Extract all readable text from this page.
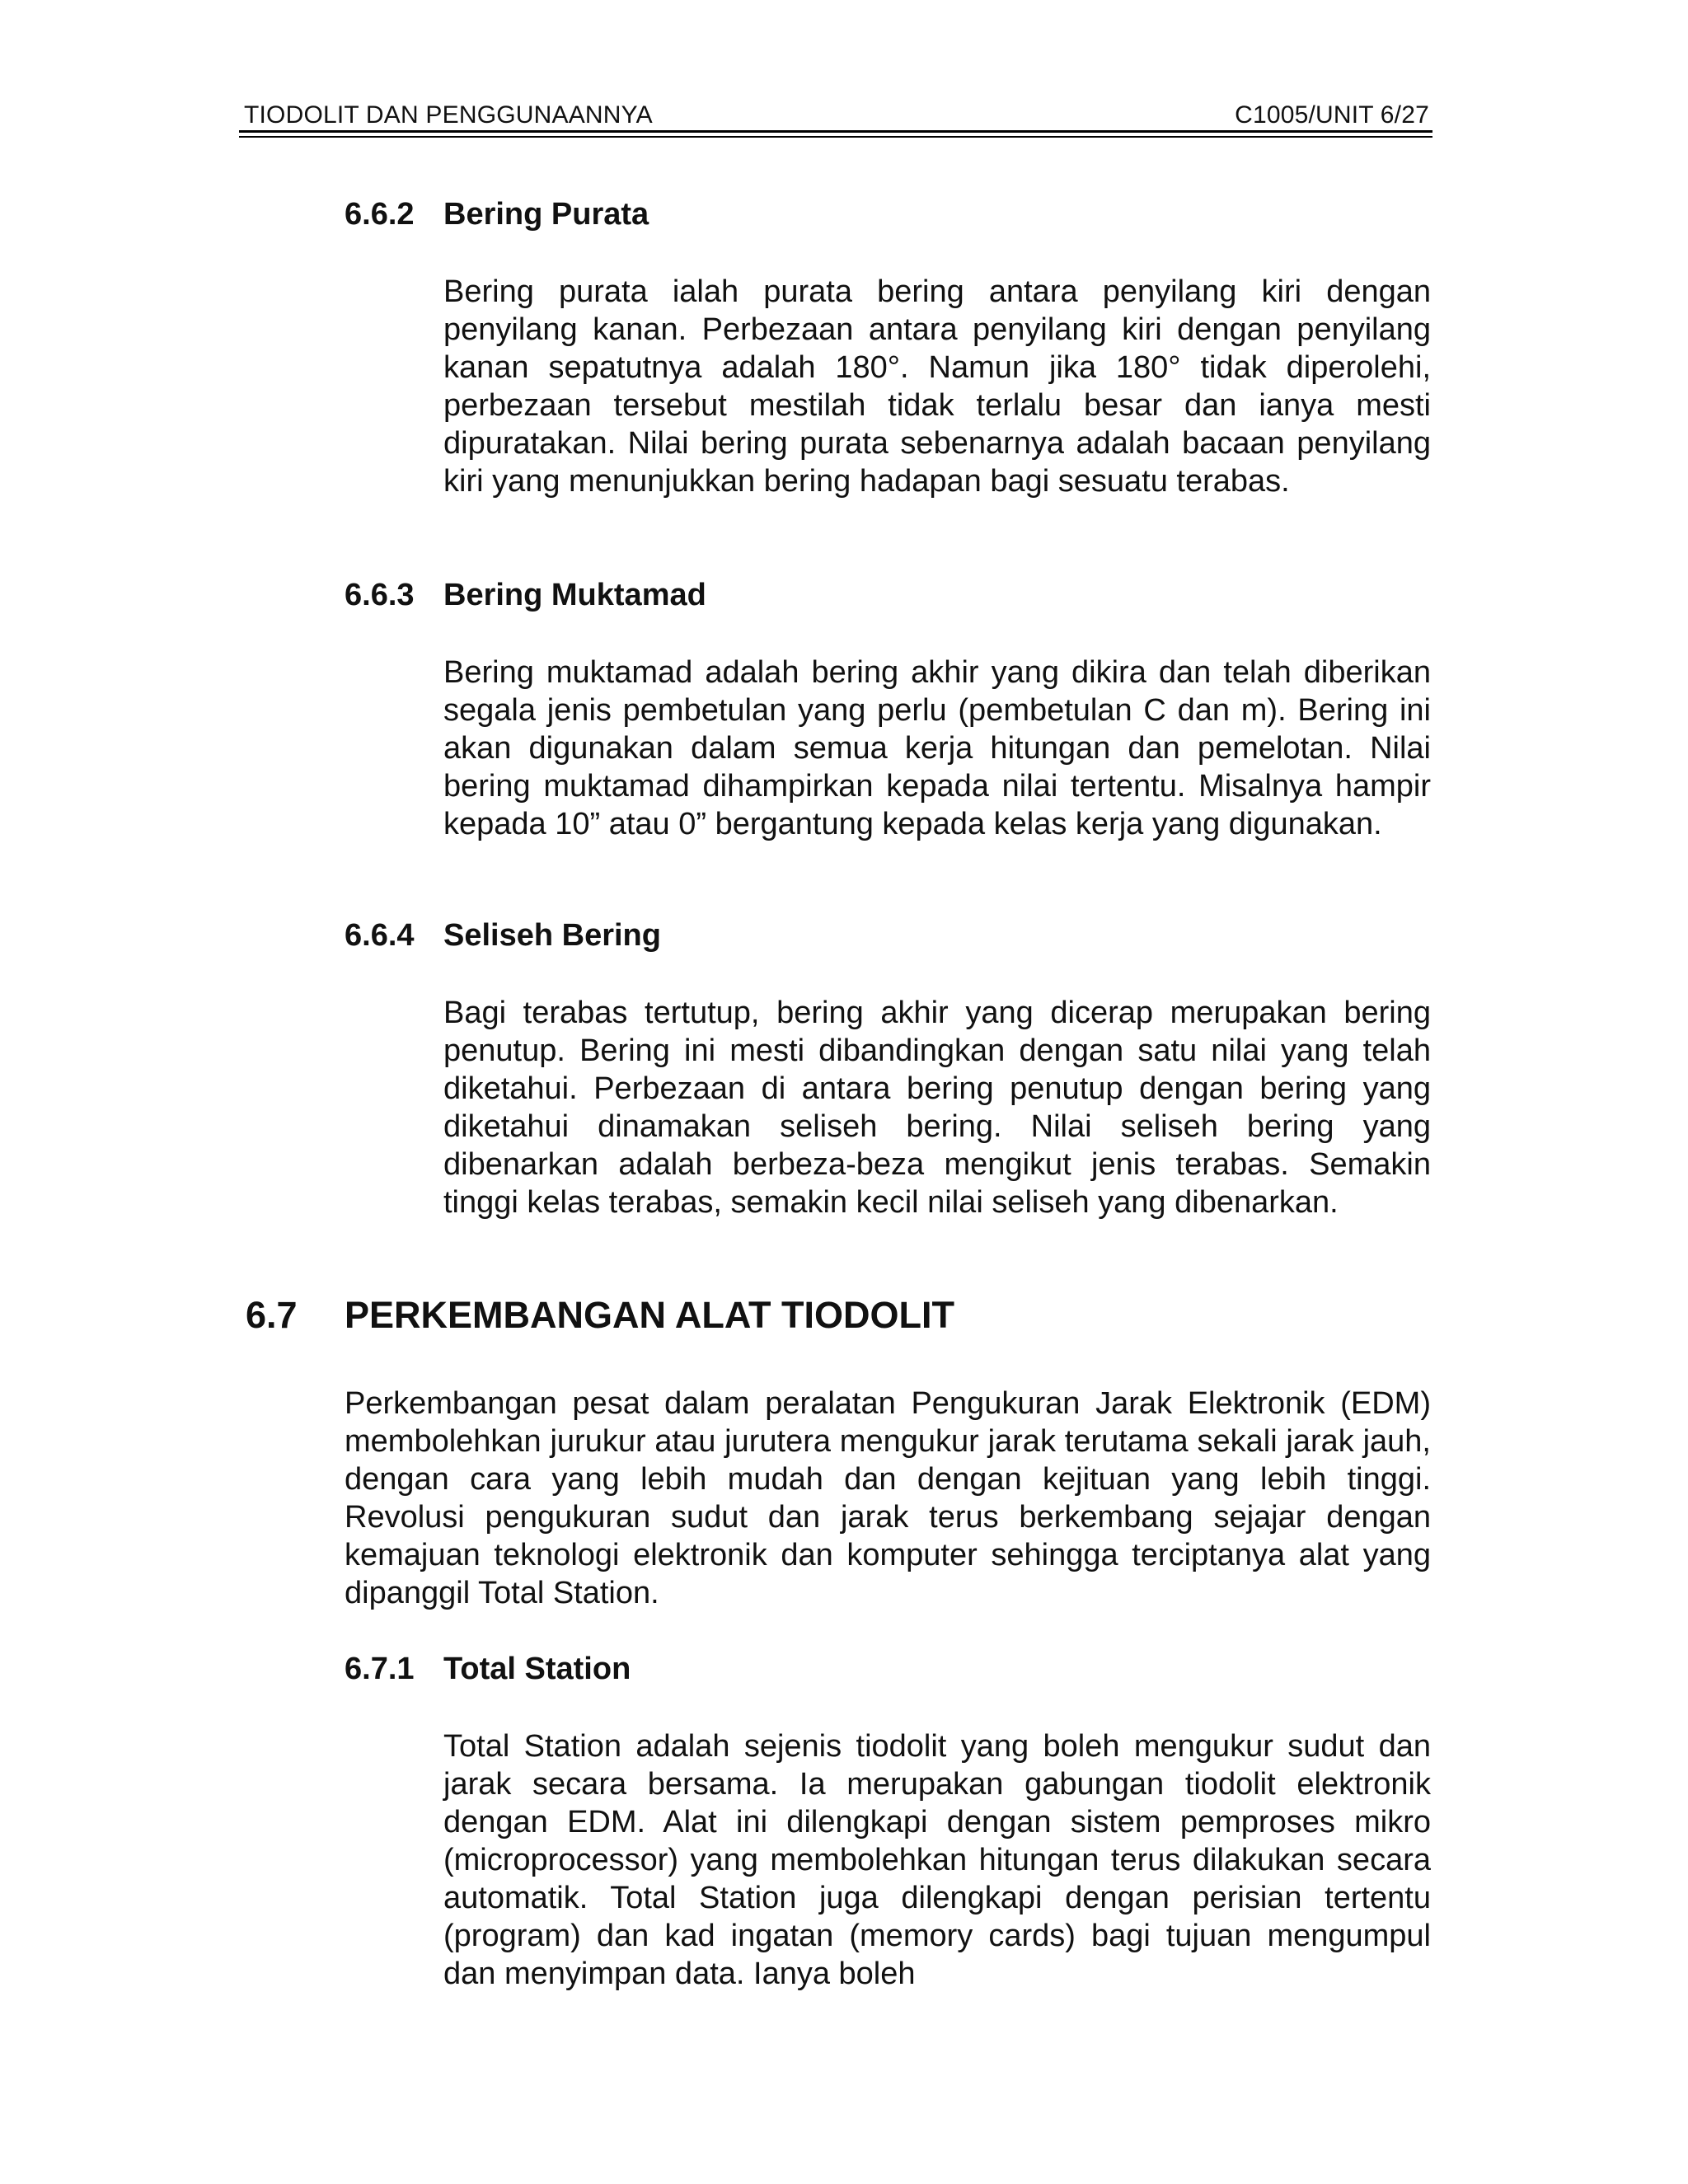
TIODOLIT DAN PENGGUNAANNYA	C1005/UNIT 6/27
6.6.2 Bering Purata
Bering purata ialah purata bering antara penyilang kiri dengan penyilang kanan. Perbezaan antara penyilang kiri dengan penyilang kanan sepatutnya adalah 180°. Namun jika 180° tidak diperolehi, perbezaan tersebut mestilah tidak terlalu besar dan ianya mesti dipuratakan. Nilai bering purata sebenarnya adalah bacaan penyilang kiri yang menunjukkan bering hadapan bagi sesuatu terabas.
6.6.3 Bering Muktamad
Bering muktamad adalah bering akhir yang dikira dan telah diberikan segala jenis pembetulan yang perlu (pembetulan C dan m). Bering ini akan digunakan dalam semua kerja hitungan dan pemelotan. Nilai bering muktamad dihampirkan kepada nilai tertentu. Misalnya hampir kepada 10” atau 0” bergantung kepada kelas kerja yang digunakan.
6.6.4 Seliseh Bering
Bagi terabas tertutup, bering akhir yang dicerap merupakan bering penutup. Bering ini mesti dibandingkan dengan satu nilai yang telah diketahui. Perbezaan di antara bering penutup dengan bering yang diketahui dinamakan seliseh bering. Nilai seliseh bering yang dibenarkan adalah berbeza-beza mengikut jenis terabas. Semakin tinggi kelas terabas, semakin kecil nilai seliseh yang dibenarkan.
6.7 PERKEMBANGAN ALAT TIODOLIT
Perkembangan pesat dalam peralatan Pengukuran Jarak Elektronik (EDM) membolehkan jurukur atau jurutera mengukur jarak terutama sekali jarak jauh, dengan cara yang lebih mudah dan dengan kejituan yang lebih tinggi. Revolusi pengukuran sudut dan jarak terus berkembang sejajar dengan kemajuan teknologi elektronik dan komputer sehingga terciptanya alat yang dipanggil Total Station.
6.7.1 Total Station
Total Station adalah sejenis tiodolit yang boleh mengukur sudut dan jarak secara bersama. Ia merupakan gabungan tiodolit elektronik dengan EDM. Alat ini dilengkapi dengan sistem pemproses mikro (microprocessor) yang membolehkan hitungan terus dilakukan secara automatik. Total Station juga dilengkapi dengan perisian tertentu (program) dan kad ingatan (memory cards) bagi tujuan mengumpul dan menyimpan data. Ianya boleh
